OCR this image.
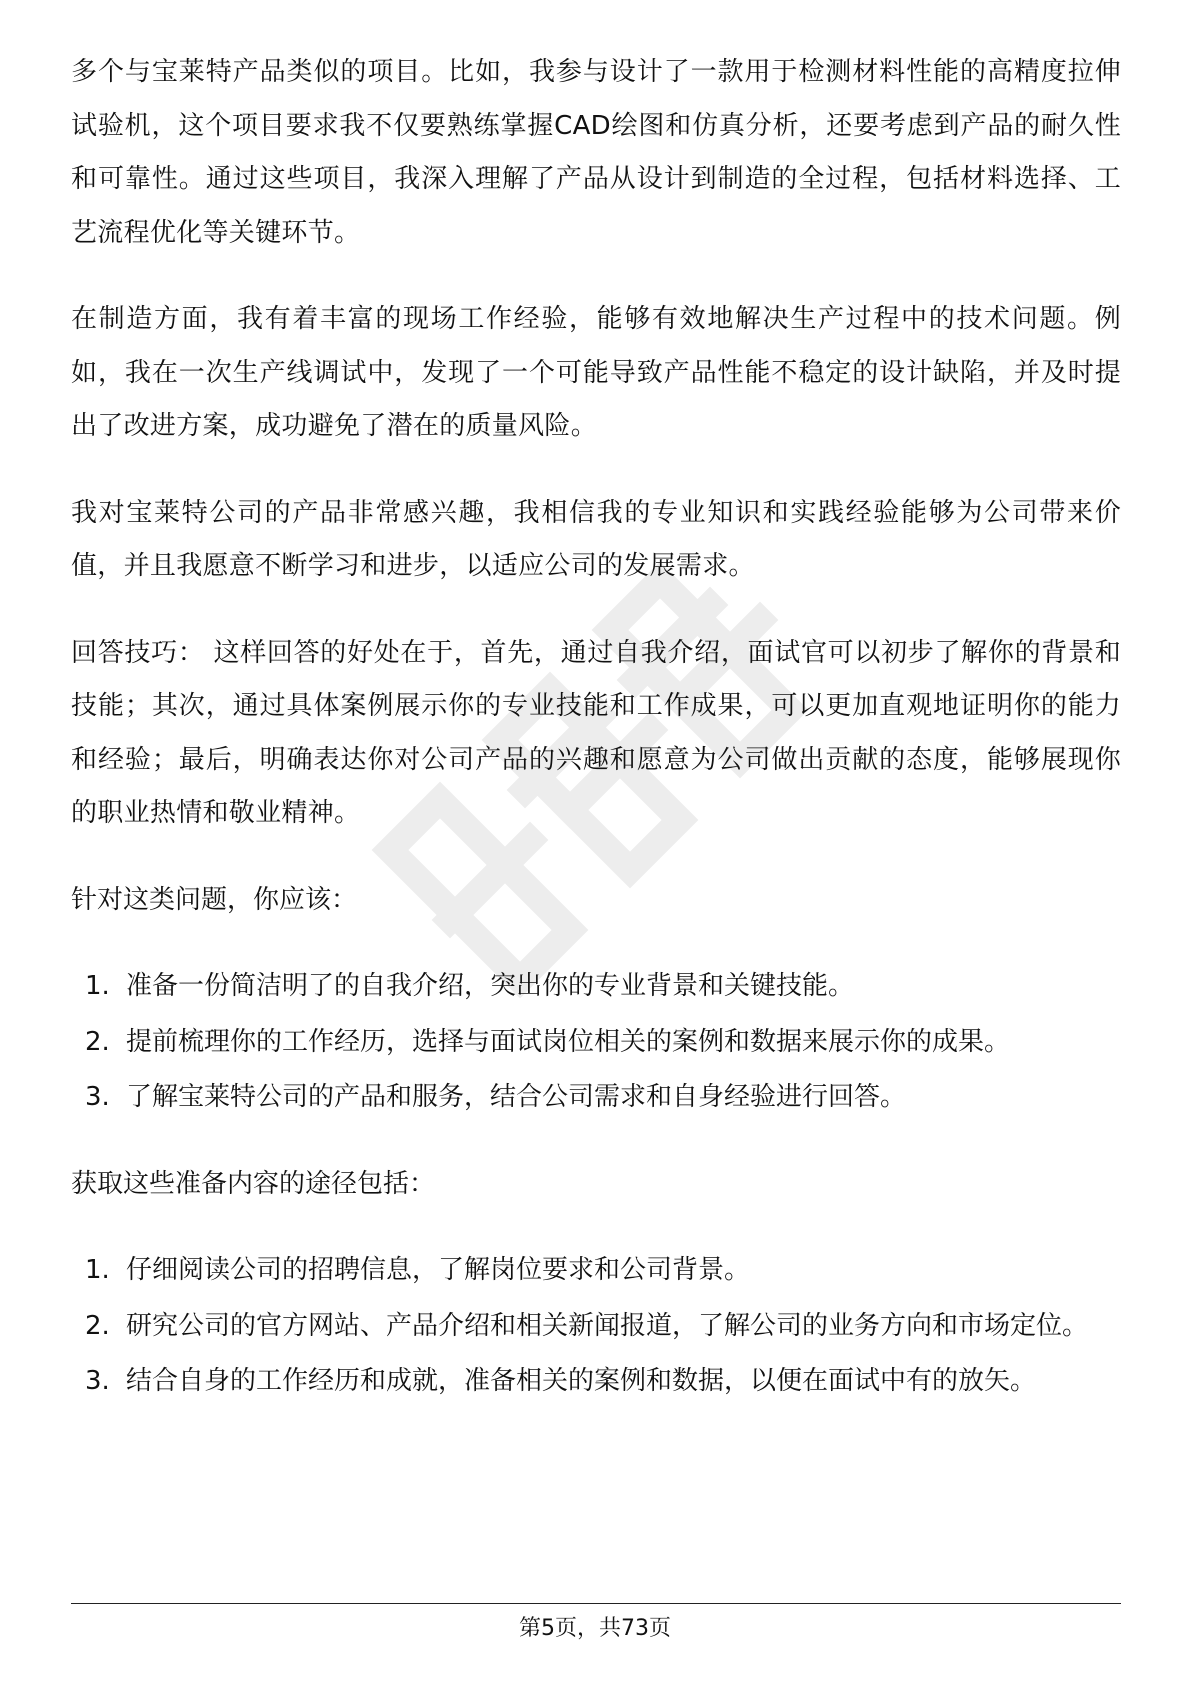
多个与宝莱特产品类似的项目。比如，我参与设计了一款用于检测材料性能的高精度拉伸试验机，这个项目要求我不仅要熟练掌握CAD绘图和仿真分析，还要考虑到产品的耐久性和可靠性。通过这些项目，我深入理解了产品从设计到制造的全过程，包括材料选择、工艺流程优化等关键环节。

在制造方面，我有着丰富的现场工作经验，能够有效地解决生产过程中的技术问题。例如，我在一次生产线调试中，发现了一个可能导致产品性能不稳定的设计缺陷，并及时提出了改进方案，成功避免了潜在的质量风险。

我对宝莱特公司的产品非常感兴趣，我相信我的专业知识和实践经验能够为公司带来价值，并且我愿意不断学习和进步，以适应公司的发展需求。

回答技巧： 这样回答的好处在于，首先，通过自我介绍，面试官可以初步了解你的背景和技能；其次，通过具体案例展示你的专业技能和工作成果，可以更加直观地证明你的能力和经验；最后，明确表达你对公司产品的兴趣和愿意为公司做出贡献的态度，能够展现你的职业热情和敬业精神。

针对这类问题，你应该：

1. 准备一份简洁明了的自我介绍，突出你的专业背景和关键技能。
2. 提前梳理你的工作经历，选择与面试岗位相关的案例和数据来展示你的成果。
3. 了解宝莱特公司的产品和服务，结合公司需求和自身经验进行回答。

获取这些准备内容的途径包括：

1. 仔细阅读公司的招聘信息，了解岗位要求和公司背景。
2. 研究公司的官方网站、产品介绍和相关新闻报道，了解公司的业务方向和市场定位。
3. 结合自身的工作经历和成就，准备相关的案例和数据，以便在面试中有的放矢。
第5页，共73页
